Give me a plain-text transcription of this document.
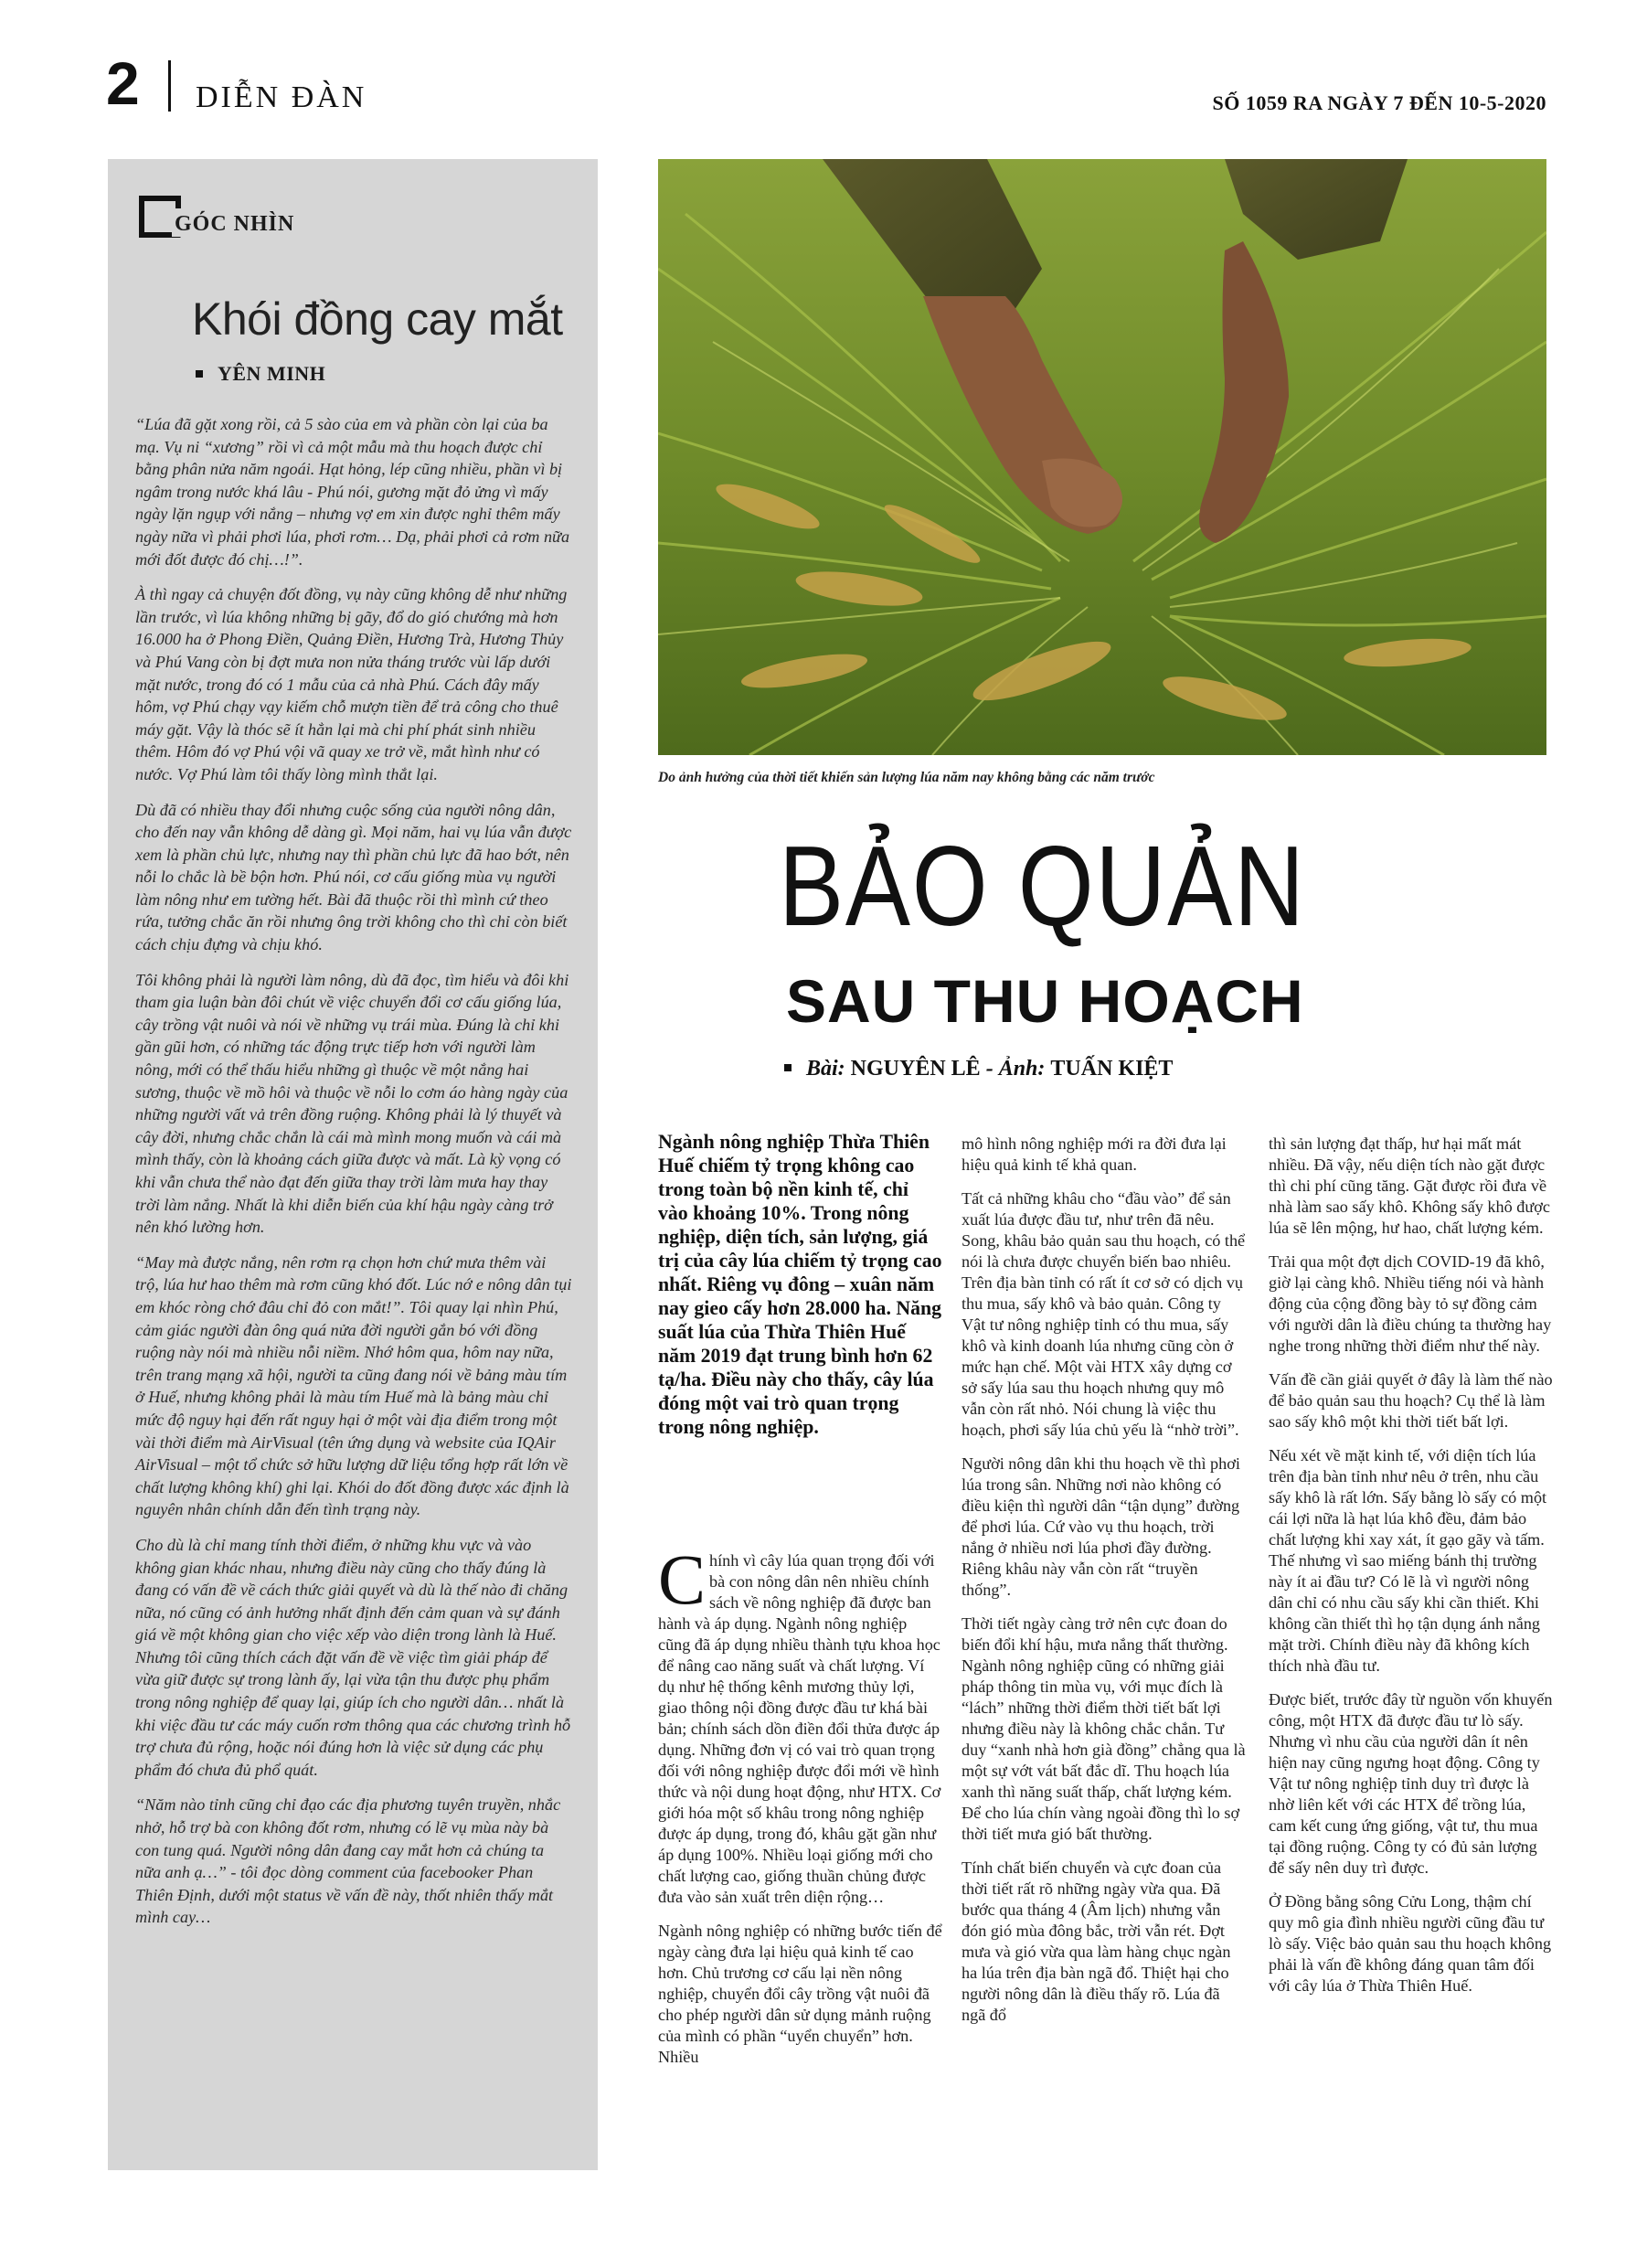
2 DIỄN ĐÀN	SỐ 1059 RA NGÀY 7 ĐẾN 10-5-2020
GÓC NHÌN
Khói đồng cay mắt
YÊN MINH

“Lúa đã gặt xong rồi, cả 5 sào của em và phần còn lại của ba mạ. Vụ ni “xương” rồi vì cả một mẫu mà thu hoạch được chỉ bằng phân nửa năm ngoái. Hạt hỏng, lép cũng nhiều, phần vì bị ngâm trong nước khá lâu - Phú nói, gương mặt đỏ ửng vì mấy ngày lặn ngụp với nắng – nhưng vợ em xin được nghỉ thêm mấy ngày nữa vì phải phơi lúa, phơi rơm… Dạ, phải phơi cả rơm nữa mới đốt được đó chị…!”.

À thì ngay cả chuyện đốt đồng, vụ này cũng không dễ như những lần trước, vì lúa không những bị gãy, đổ do gió chướng mà hơn 16.000 ha ở Phong Điền, Quảng Điền, Hương Trà, Hương Thủy và Phú Vang còn bị đợt mưa non nửa tháng trước vùi lấp dưới mặt nước, trong đó có 1 mẫu của cả nhà Phú. Cách đây mấy hôm, vợ Phú chạy vạy kiếm chỗ mượn tiền để trả công cho thuê máy gặt. Vậy là thóc sẽ ít hẳn lại mà chi phí phát sinh nhiều thêm. Hôm đó vợ Phú vội vã quay xe trở về, mắt hình như có nước. Vợ Phú làm tôi thấy lòng mình thắt lại.

Dù đã có nhiều thay đổi nhưng cuộc sống của người nông dân, cho đến nay vẫn không dễ dàng gì. Mọi năm, hai vụ lúa vẫn được xem là phần chủ lực, nhưng nay thì phần chủ lực đã hao bớt, nên nỗi lo chắc là bề bộn hơn. Phú nói, cơ cấu giống mùa vụ người làm nông như em tường hết. Bài đã thuộc rồi thì mình cứ theo rứa, tưởng chắc ăn rồi nhưng ông trời không cho thì chỉ còn biết cách chịu đựng và chịu khó.

Tôi không phải là người làm nông, dù đã đọc, tìm hiểu và đôi khi tham gia luận bàn đôi chút về việc chuyển đổi cơ cấu giống lúa, cây trồng vật nuôi và nói về những vụ trái mùa. Đúng là chỉ khi gần gũi hơn, có những tác động trực tiếp hơn với người làm nông, mới có thể thấu hiểu những gì thuộc về một nắng hai sương, thuộc về mồ hôi và thuộc về nỗi lo cơm áo hàng ngày của những người vất vả trên đồng ruộng. Không phải là lý thuyết và cây đời, nhưng chắc chắn là cái mà mình mong muốn và cái mà mình thấy, còn là khoảng cách giữa được và mất. Là kỳ vọng có khi vẫn chưa thể nào đạt đến giữa thay trời làm mưa hay thay trời làm nắng. Nhất là khi diễn biến của khí hậu ngày càng trở nên khó lường hơn.

“May mà được nắng, nên rơm rạ chọn hơn chứ mưa thêm vài trộ, lúa hư hao thêm mà rơm cũng khó đốt. Lúc nớ e nông dân tụi em khóc ròng chớ đâu chỉ đỏ con mắt!”. Tôi quay lại nhìn Phú, cảm giác người đàn ông quá nửa đời người gắn bó với đồng ruộng này nói mà nhiều nỗi niềm. Nhớ hôm qua, hôm nay nữa, trên trang mạng xã hội, người ta cũng đang nói về bảng màu tím ở Huế, nhưng không phải là màu tím Huế mà là bảng màu chỉ mức độ nguy hại đến rất nguy hại ở một vài địa điểm trong một vài thời điểm mà AirVisual (tên ứng dụng và website của IQAir AirVisual – một tổ chức sở hữu lượng dữ liệu tổng hợp rất lớn về chất lượng không khí) ghi lại. Khói do đốt đồng được xác định là nguyên nhân chính dẫn đến tình trạng này.

Cho dù là chỉ mang tính thời điểm, ở những khu vực và vào không gian khác nhau, nhưng điều này cũng cho thấy đúng là đang có vấn đề về cách thức giải quyết và dù là thế nào đi chăng nữa, nó cũng có ảnh hưởng nhất định đến cảm quan và sự đánh giá về một không gian cho việc xếp vào diện trong lành là Huế. Nhưng tôi cũng thích cách đặt vấn đề về việc tìm giải pháp để vừa giữ được sự trong lành ấy, lại vừa tận thu được phụ phẩm trong nông nghiệp để quay lại, giúp ích cho người dân… nhất là khi việc đầu tư các máy cuốn rơm thông qua các chương trình hỗ trợ chưa đủ rộng, hoặc nói đúng hơn là việc sử dụng các phụ phẩm đó chưa đủ phổ quát.

“Năm nào tỉnh cũng chỉ đạo các địa phương tuyên truyền, nhắc nhở, hỗ trợ bà con không đốt rơm, nhưng có lẽ vụ mùa này bà con tung quá. Người nông dân đang cay mắt hơn cả chúng ta nữa anh ạ…” - tôi đọc dòng comment của facebooker Phan Thiên Định, dưới một status về vấn đề này, thốt nhiên thấy mắt mình cay…

Do ảnh hưởng của thời tiết khiến sản lượng lúa năm nay không bằng các năm trước
BẢO QUẢN
SAU THU HOẠCH
Bài: NGUYÊN LÊ - Ảnh: TUẤN KIỆT

Ngành nông nghiệp Thừa Thiên Huế chiếm tỷ trọng không cao trong toàn bộ nền kinh tế, chỉ vào khoảng 10%. Trong nông nghiệp, diện tích, sản lượng, giá trị của cây lúa chiếm tỷ trọng cao nhất. Riêng vụ đông – xuân năm nay gieo cấy hơn 28.000 ha. Năng suất lúa của Thừa Thiên Huế năm 2019 đạt trung bình hơn 62 tạ/ha. Điều này cho thấy, cây lúa đóng một vai trò quan trọng trong nông nghiệp.

Chính vì cây lúa quan trọng đối với bà con nông dân nên nhiều chính sách về nông nghiệp đã được ban hành và áp dụng. Ngành nông nghiệp cũng đã áp dụng nhiều thành tựu khoa học để nâng cao năng suất và chất lượng. Ví dụ như hệ thống kênh mương thủy lợi, giao thông nội đồng được đầu tư khá bài bản; chính sách dồn điền đổi thửa được áp dụng. Những đơn vị có vai trò quan trọng đối với nông nghiệp được đổi mới về hình thức và nội dung hoạt động, như HTX. Cơ giới hóa một số khâu trong nông nghiệp được áp dụng, trong đó, khâu gặt gần như áp dụng 100%. Nhiều loại giống mới cho chất lượng cao, giống thuần chủng được đưa vào sản xuất trên diện rộng…

Ngành nông nghiệp có những bước tiến để ngày càng đưa lại hiệu quả kinh tế cao hơn. Chủ trương cơ cấu lại nền nông nghiệp, chuyển đổi cây trồng vật nuôi đã cho phép người dân sử dụng mảnh ruộng của mình có phần “uyển chuyển” hơn. Nhiều

mô hình nông nghiệp mới ra đời đưa lại hiệu quả kinh tế khả quan.

Tất cả những khâu cho “đầu vào” để sản xuất lúa được đầu tư, như trên đã nêu. Song, khâu bảo quản sau thu hoạch, có thể nói là chưa được chuyển biến bao nhiêu. Trên địa bàn tỉnh có rất ít cơ sở có dịch vụ thu mua, sấy khô và bảo quản. Công ty Vật tư nông nghiệp tỉnh có thu mua, sấy khô và kinh doanh lúa nhưng cũng còn ở mức hạn chế. Một vài HTX xây dựng cơ sở sấy lúa sau thu hoạch nhưng quy mô vẫn còn rất nhỏ. Nói chung là việc thu hoạch, phơi sấy lúa chủ yếu là “nhờ trời”.

Người nông dân khi thu hoạch về thì phơi lúa trong sân. Những nơi nào không có điều kiện thì người dân “tận dụng” đường để phơi lúa. Cứ vào vụ thu hoạch, trời nắng ở nhiều nơi lúa phơi đầy đường. Riêng khâu này vẫn còn rất “truyền thống”.

Thời tiết ngày càng trở nên cực đoan do biến đổi khí hậu, mưa nắng thất thường. Ngành nông nghiệp cũng có những giải pháp thông tin mùa vụ, với mục đích là “lách” những thời điểm thời tiết bất lợi nhưng điều này là không chắc chắn. Tư duy “xanh nhà hơn già đồng” chẳng qua là một sự vớt vát bất đắc dĩ. Thu hoạch lúa xanh thì năng suất thấp, chất lượng kém. Để cho lúa chín vàng ngoài đồng thì lo sợ thời tiết mưa gió bất thường.

Tính chất biến chuyển và cực đoan của thời tiết rất rõ những ngày vừa qua. Đã bước qua tháng 4 (Âm lịch) nhưng vẫn đón gió mùa đông bắc, trời vẫn rét. Đợt mưa và gió vừa qua làm hàng chục ngàn ha lúa trên địa bàn ngã đổ. Thiệt hại cho người nông dân là điều thấy rõ. Lúa đã ngã đổ

thì sản lượng đạt thấp, hư hại mất mát nhiều. Đã vậy, nếu diện tích nào gặt được thì chi phí cũng tăng. Gặt được rồi đưa về nhà làm sao sấy khô. Không sấy khô được lúa sẽ lên mộng, hư hao, chất lượng kém.

Trải qua một đợt dịch COVID-19 đã khô, giờ lại càng khô. Nhiều tiếng nói và hành động của cộng đồng bày tỏ sự đồng cảm với người dân là điều chúng ta thường hay nghe trong những thời điểm như thế này.

Vấn đề cần giải quyết ở đây là làm thế nào để bảo quản sau thu hoạch? Cụ thể là làm sao sấy khô một khi thời tiết bất lợi.

Nếu xét về mặt kinh tế, với diện tích lúa trên địa bàn tỉnh như nêu ở trên, nhu cầu sấy khô là rất lớn. Sấy bằng lò sấy có một cái lợi nữa là hạt lúa khô đều, đảm bảo chất lượng khi xay xát, ít gạo gãy và tấm. Thế nhưng vì sao miếng bánh thị trường này ít ai đầu tư? Có lẽ là vì người nông dân chỉ có nhu cầu sấy khi cần thiết. Khi không cần thiết thì họ tận dụng ánh nắng mặt trời. Chính điều này đã không kích thích nhà đầu tư.

Được biết, trước đây từ nguồn vốn khuyến công, một HTX đã được đầu tư lò sấy. Nhưng vì nhu cầu của người dân ít nên hiện nay cũng ngưng hoạt động. Công ty Vật tư nông nghiệp tỉnh duy trì được là nhờ liên kết với các HTX để trồng lúa, cam kết cung ứng giống, vật tư, thu mua tại đồng ruộng. Công ty có đủ sản lượng để sấy nên duy trì được.

Ở Đồng bằng sông Cửu Long, thậm chí quy mô gia đình nhiều người cũng đầu tư lò sấy. Việc bảo quản sau thu hoạch không phải là vấn đề không đáng quan tâm đối với cây lúa ở Thừa Thiên Huế.
